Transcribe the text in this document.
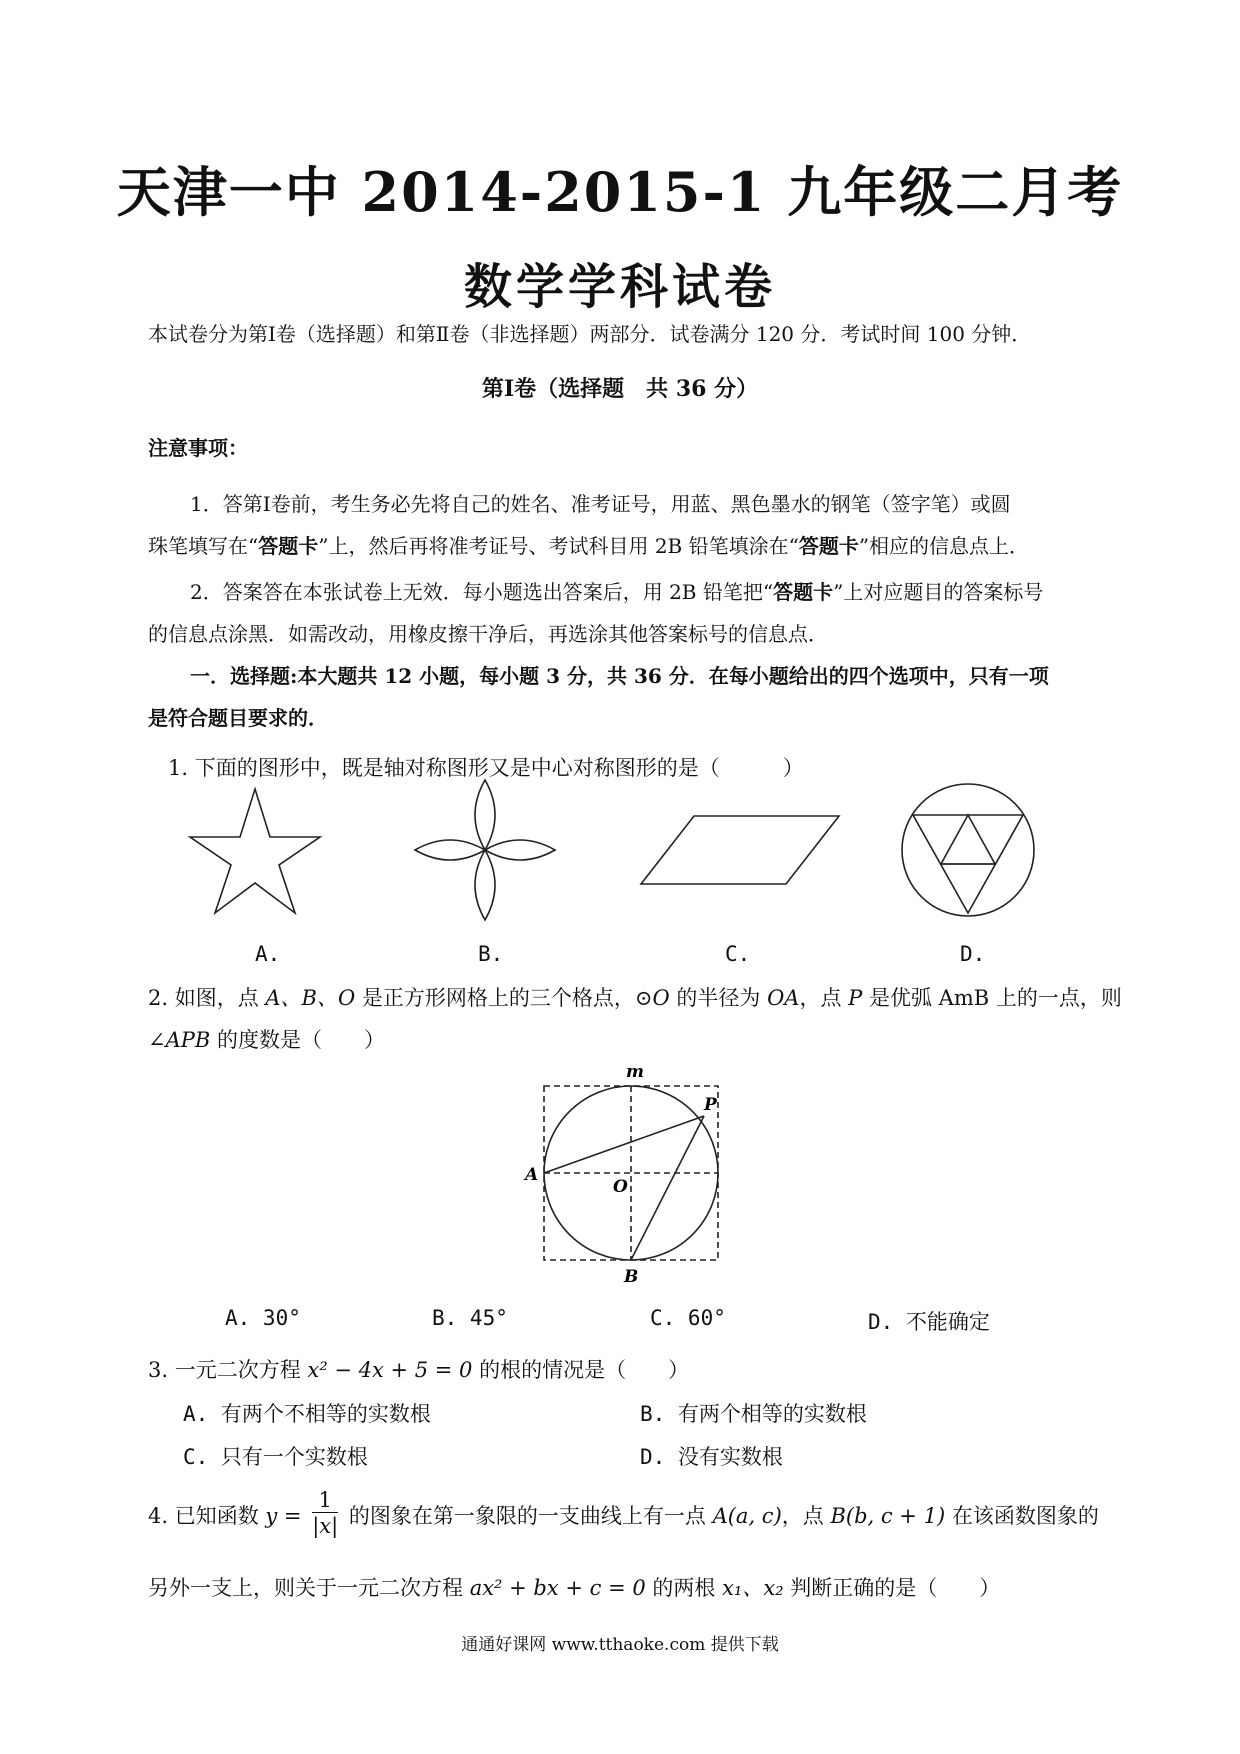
天津一中 2014-2015-1 九年级二月考
数学学科试卷
本试卷分为第Ⅰ卷（选择题）和第Ⅱ卷（非选择题）两部分．试卷满分 120 分．考试时间 100 分钟．
第Ⅰ卷（选择题　共 36 分）
注意事项：
1．答第Ⅰ卷前，考生务必先将自己的姓名、准考证号，用蓝、黑色墨水的钢笔（签字笔）或圆
珠笔填写在“答题卡”上，然后再将准考证号、考试科目用 2B 铅笔填涂在“答题卡”相应的信息点上．
2．答案答在本张试卷上无效．每小题选出答案后，用 2B 铅笔把“答题卡”上对应题目的答案标号
的信息点涂黑．如需改动，用橡皮擦干净后，再选涂其他答案标号的信息点．
一．选择题:本大题共 12 小题，每小题 3 分，共 36 分．在每小题给出的四个选项中，只有一项
是符合题目要求的．
1. 下面的图形中，既是轴对称图形又是中心对称图形的是（　　　）
A.	B.	C.	D.
2. 如图，点 A、B、O 是正方形网格上的三个格点，⊙O 的半径为 OA，点 P 是优弧 AmB 上的一点，则
∠APB 的度数是（　　）
m
P
A
O
B
A. 30°	B. 45°	C. 60°	D. 不能确定
3. 一元二次方程 x² − 4x + 5 = 0 的根的情况是（　　）
A. 有两个不相等的实数根	B. 有两个相等的实数根
C. 只有一个实数根	D. 没有实数根
4. 已知函数 $y = \frac{1}{|x|}$ 的图象在第一象限的一支曲线上有一点 A(a, c)，点 B(b, c + 1) 在该函数图象的
另外一支上，则关于一元二次方程 ax² + bx + c = 0 的两根 x₁、x₂ 判断正确的是（　　）
通通好课网 www.tthaoke.com 提供下载
